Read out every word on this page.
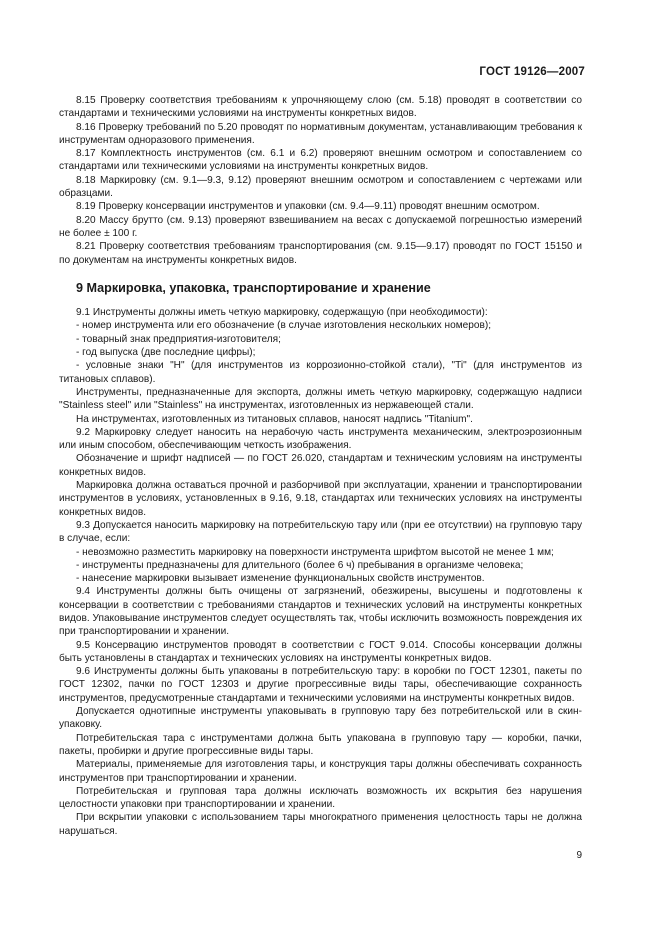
ГОСТ 19126—2007

8.15 Проверку соответствия требованиям к упрочняющему слою (см. 5.18) проводят в соответствии со стандартами и техническими условиями на инструменты конкретных видов.

8.16 Проверку требований по 5.20 проводят по нормативным документам, устанавливающим требования к инструментам одноразового применения.

8.17 Комплектность инструментов (см. 6.1 и 6.2) проверяют внешним осмотром и сопоставлением со стандартами или техническими условиями на инструменты конкретных видов.

8.18 Маркировку (см. 9.1—9.3, 9.12) проверяют внешним осмотром и сопоставлением с чертежами или образцами.

8.19 Проверку консервации инструментов и упаковки (см. 9.4—9.11) проводят внешним осмотром.

8.20 Массу брутто (см. 9.13) проверяют взвешиванием на весах с допускаемой погрешностью измерений не более ± 100 г.

8.21 Проверку соответствия требованиям транспортирования (см. 9.15—9.17) проводят по ГОСТ 15150 и по документам на инструменты конкретных видов.

9 Маркировка, упаковка, транспортирование и хранение

9.1 Инструменты должны иметь четкую маркировку, содержащую (при необходимости):

- номер инструмента или его обозначение (в случае изготовления нескольких номеров);

- товарный знак предприятия-изготовителя;

- год выпуска (две последние цифры);

- условные знаки "Н" (для инструментов из коррозионно-стойкой стали), "Ti" (для инструментов из титановых сплавов).

Инструменты, предназначенные для экспорта, должны иметь четкую маркировку, содержащую надписи "Stainless steel" или "Stainless" на инструментах, изготовленных из нержавеющей стали.

На инструментах, изготовленных из титановых сплавов, наносят надпись "Titanium".

9.2 Маркировку следует наносить на нерабочую часть инструмента механическим, электроэрозионным или иным способом, обеспечивающим четкость изображения.

Обозначение и шрифт надписей — по ГОСТ 26.020, стандартам и техническим условиям на инструменты конкретных видов.

Маркировка должна оставаться прочной и разборчивой при эксплуатации, хранении и транспортировании инструментов в условиях, установленных в 9.16, 9.18, стандартах или технических условиях на инструменты конкретных видов.

9.3 Допускается наносить маркировку на потребительскую тару или (при ее отсутствии) на групповую тару в случае, если:

- невозможно разместить маркировку на поверхности инструмента шрифтом высотой не менее 1 мм;

- инструменты предназначены для длительного (более 6 ч) пребывания в организме человека;

- нанесение маркировки вызывает изменение функциональных свойств инструментов.

9.4 Инструменты должны быть очищены от загрязнений, обезжирены, высушены и подготовлены к консервации в соответствии с требованиями стандартов и технических условий на инструменты конкретных видов. Упаковывание инструментов следует осуществлять так, чтобы исключить возможность повреждения их при транспортировании и хранении.

9.5 Консервацию инструментов проводят в соответствии с ГОСТ 9.014. Способы консервации должны быть установлены в стандартах и технических условиях на инструменты конкретных видов.

9.6 Инструменты должны быть упакованы в потребительскую тару: в коробки по ГОСТ 12301, пакеты по ГОСТ 12302, пачки по ГОСТ 12303 и другие прогрессивные виды тары, обеспечивающие сохранность инструментов, предусмотренные стандартами и техническими условиями на инструменты конкретных видов.

Допускается однотипные инструменты упаковывать в групповую тару без потребительской или в скин-упаковку.

Потребительская тара с инструментами должна быть упакована в групповую тару — коробки, пачки, пакеты, пробирки и другие прогрессивные виды тары.

Материалы, применяемые для изготовления тары, и конструкция тары должны обеспечивать сохранность инструментов при транспортировании и хранении.

Потребительская и групповая тара должны исключать возможность их вскрытия без нарушения целостности упаковки при транспортировании и хранении.

При вскрытии упаковки с использованием тары многократного применения целостность тары не должна нарушаться.

9
